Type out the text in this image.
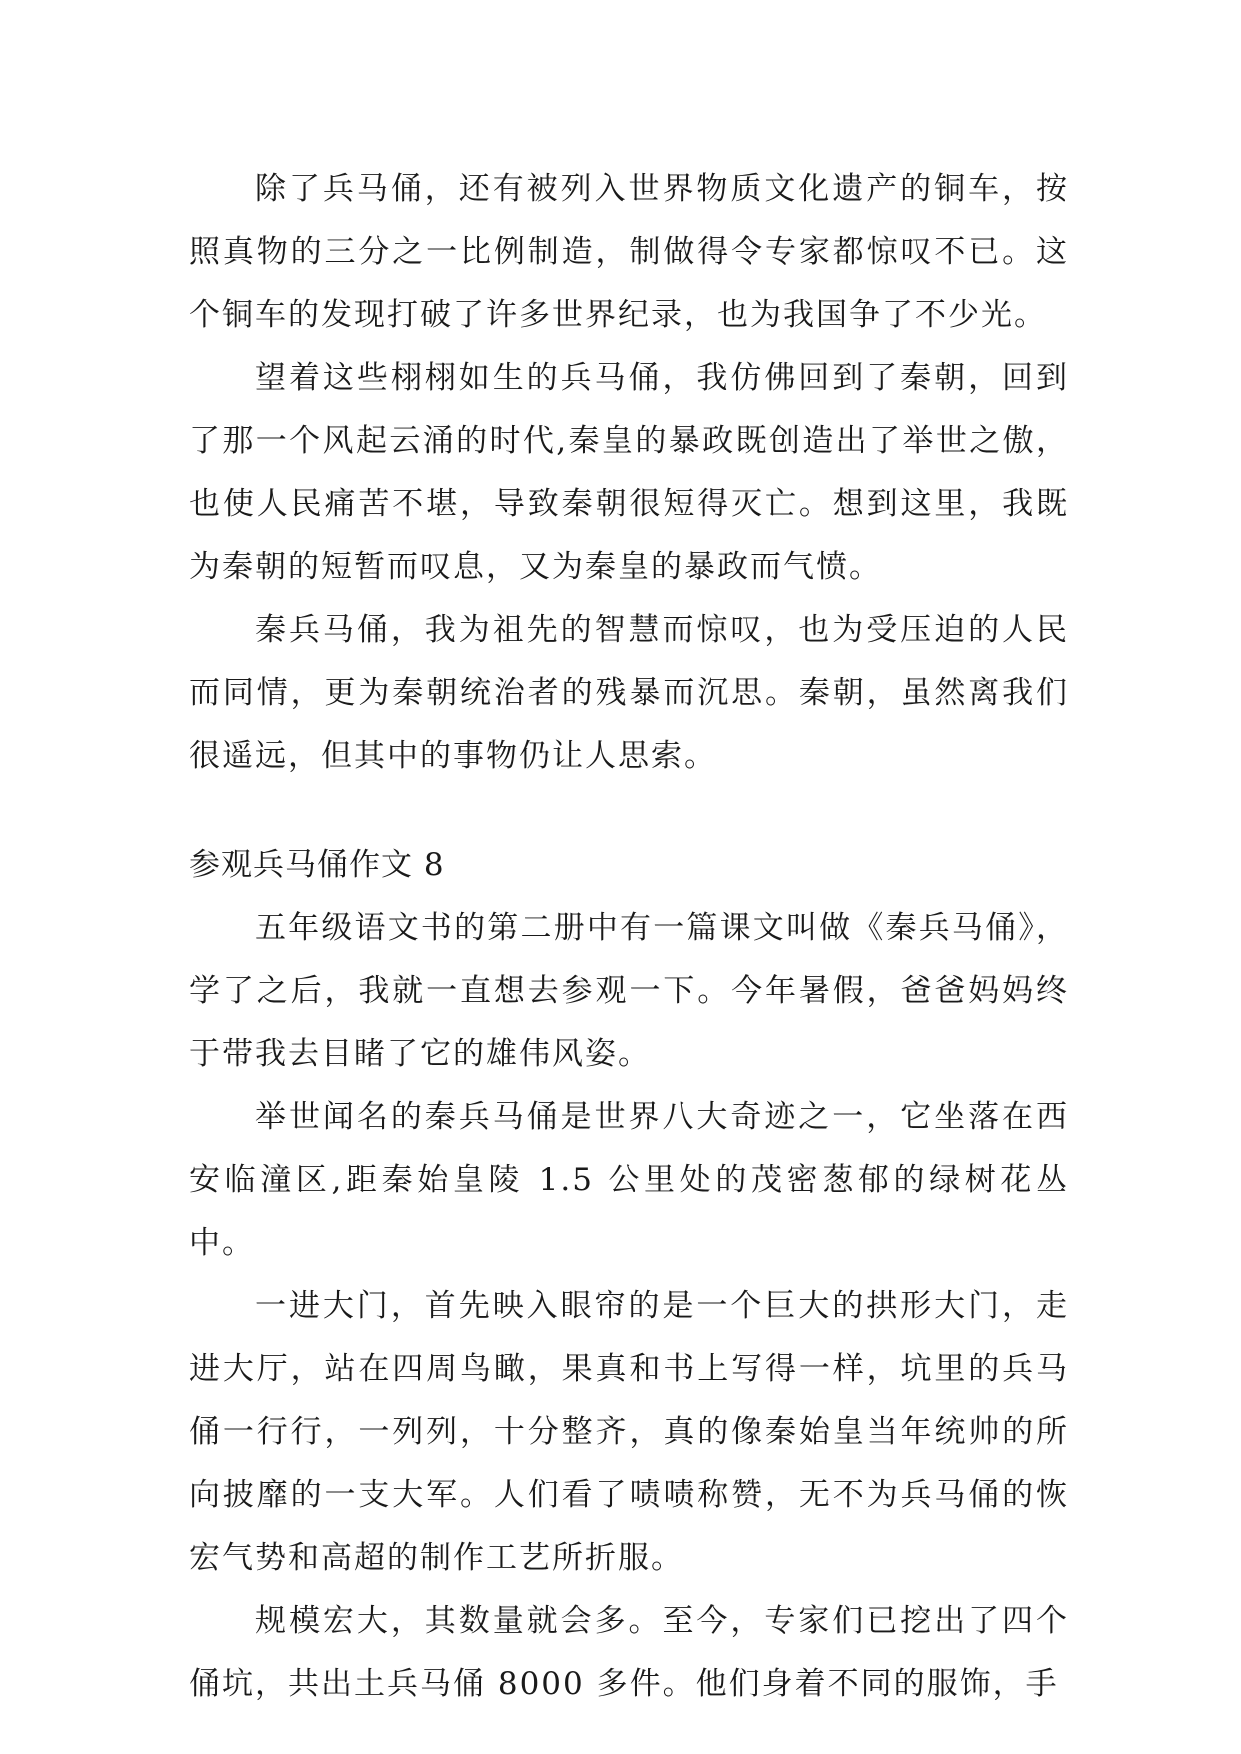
除了兵马俑，还有被列入世界物质文化遗产的铜车，按照真物的三分之一比例制造，制做得令专家都惊叹不已。这个铜车的发现打破了许多世界纪录，也为我国争了不少光。

望着这些栩栩如生的兵马俑，我仿佛回到了秦朝，回到了那一个风起云涌的时代,秦皇的暴政既创造出了举世之傲，也使人民痛苦不堪，导致秦朝很短得灭亡。想到这里，我既为秦朝的短暂而叹息，又为秦皇的暴政而气愤。

秦兵马俑，我为祖先的智慧而惊叹，也为受压迫的人民而同情，更为秦朝统治者的残暴而沉思。秦朝，虽然离我们很遥远，但其中的事物仍让人思索。

参观兵马俑作文 8

五年级语文书的第二册中有一篇课文叫做《秦兵马俑》，学了之后，我就一直想去参观一下。今年暑假，爸爸妈妈终于带我去目睹了它的雄伟风姿。

举世闻名的秦兵马俑是世界八大奇迹之一，它坐落在西安临潼区,距秦始皇陵 1.5 公里处的茂密葱郁的绿树花丛中。

一进大门，首先映入眼帘的是一个巨大的拱形大门，走进大厅，站在四周鸟瞰，果真和书上写得一样，坑里的兵马俑一行行，一列列，十分整齐，真的像秦始皇当年统帅的所向披靡的一支大军。人们看了啧啧称赞，无不为兵马俑的恢宏气势和高超的制作工艺所折服。

规模宏大，其数量就会多。至今，专家们已挖出了四个俑坑，共出土兵马俑 8000 多件。他们身着不同的服饰，手
